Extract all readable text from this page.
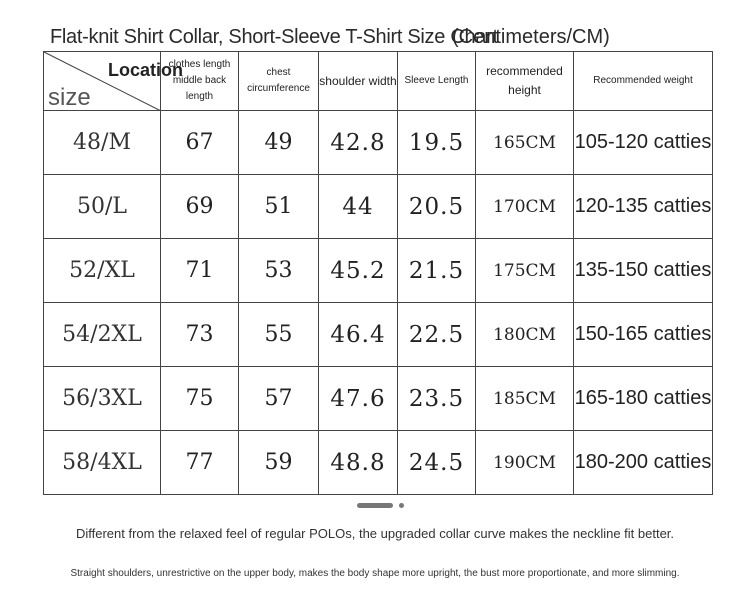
Flat-knit Shirt Collar, Short-Sleeve T-Shirt Size Chart
(Centimeters/CM)
Location
size	clothes length middle back length	chest circumference	shoulder width	Sleeve Length	recommended height	Recommended weight
48/M	67	49	42.8	19.5	165CM	105-120 catties
50/L	69	51	44	20.5	170CM	120-135 catties
52/XL	71	53	45.2	21.5	175CM	135-150 catties
54/2XL	73	55	46.4	22.5	180CM	150-165 catties
56/3XL	75	57	47.6	23.5	185CM	165-180 catties
58/4XL	77	59	48.8	24.5	190CM	180-200 catties
Different from the relaxed feel of regular POLOs, the upgraded collar curve makes the neckline fit better.
Straight shoulders, unrestrictive on the upper body, makes the body shape more upright, the bust more proportionate, and more slimming.
